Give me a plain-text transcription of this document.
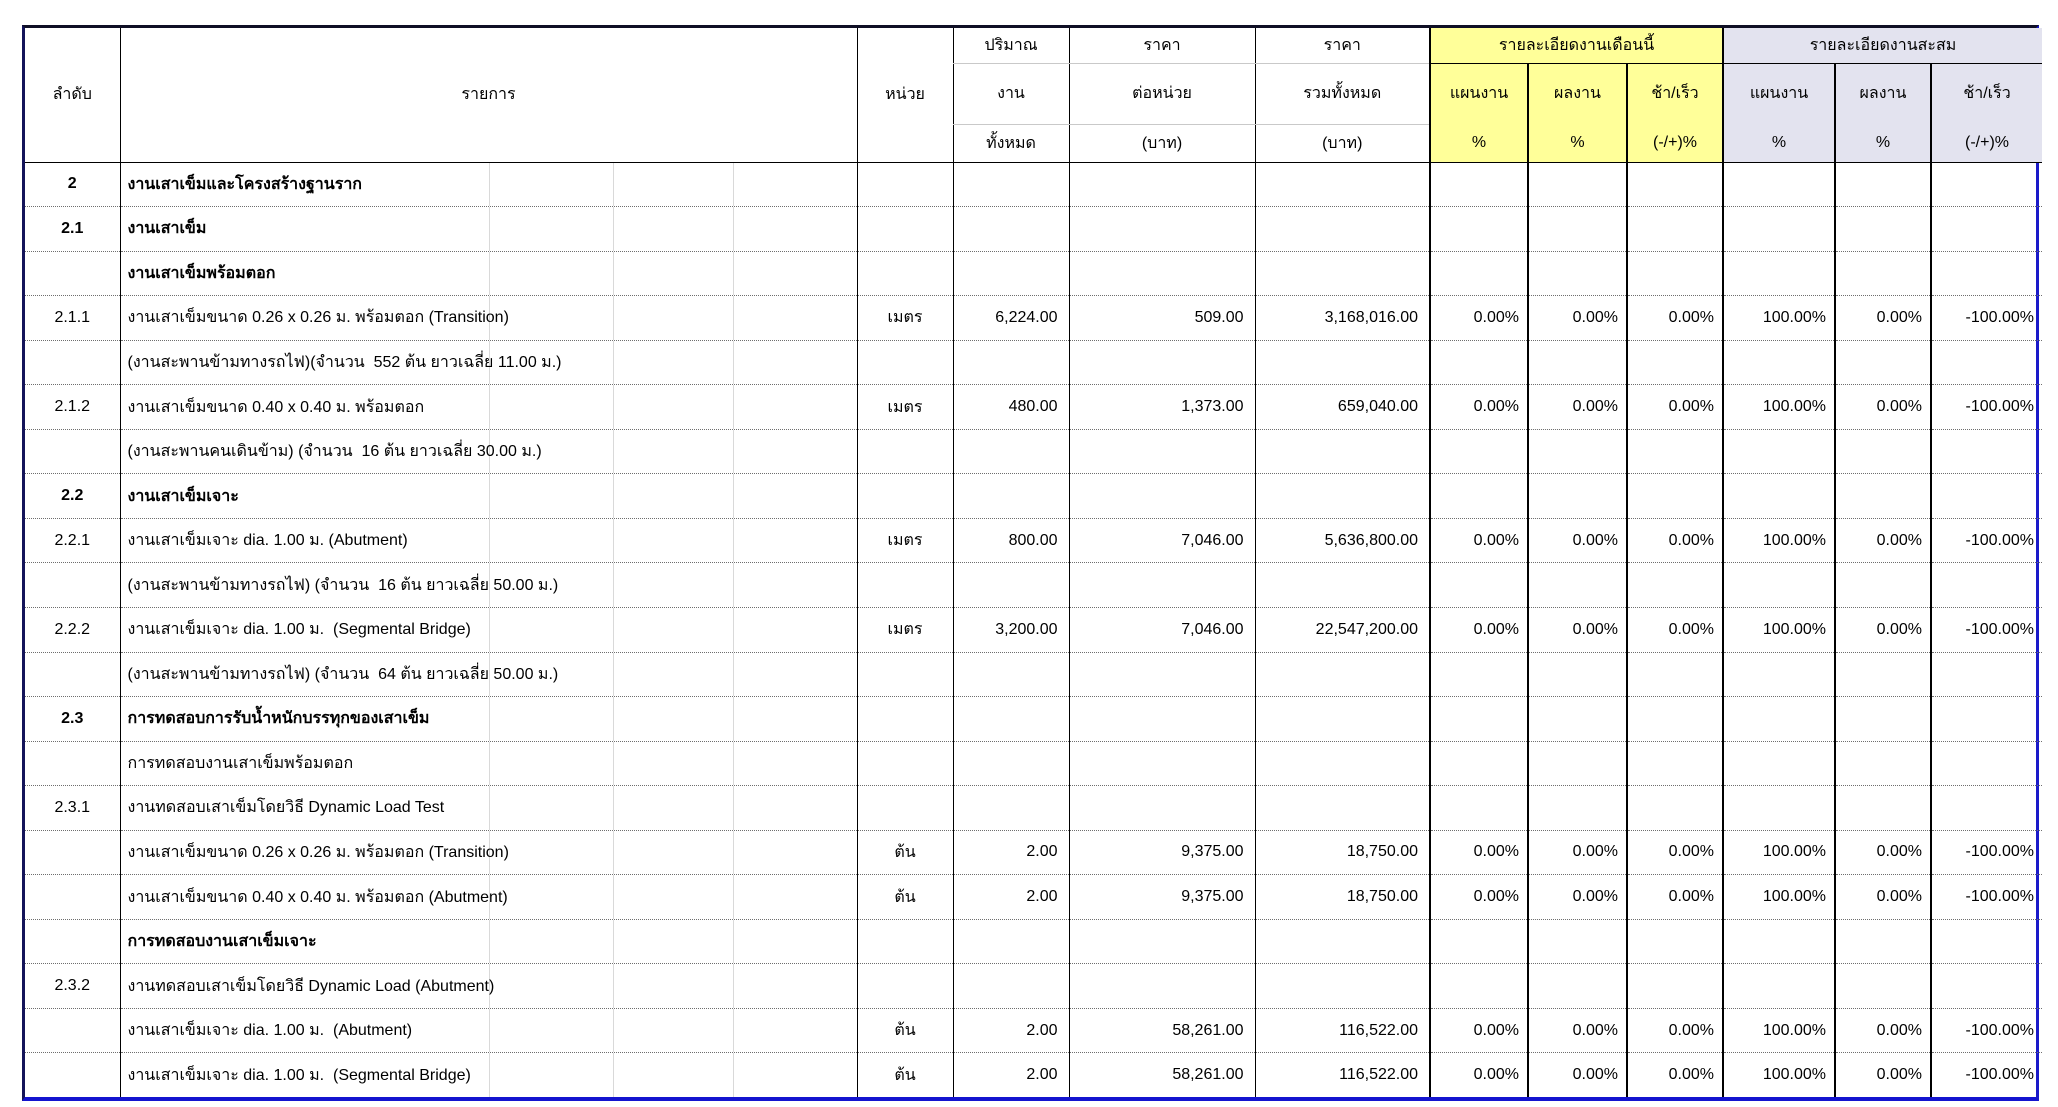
ลำดับ	รายการ	หน่วย	ปริมาณ	ราคา	ราคา	รายละเอียดงานเดือนนี้			รายละเอียดงานสะสม		
			งาน	ต่อหน่วย	รวมทั้งหมด	แผนงาน	ผลงาน	ช้า/เร็ว	แผนงาน	ผลงาน	ช้า/เร็ว
			ทั้งหมด	(บาท)	(บาท)	%	%	(-/+)%	%	%	(-/+)%
2	งานเสาเข็มและโครงสร้างฐานราก										
2.1	งานเสาเข็ม										
	งานเสาเข็มพร้อมตอก										
2.1.1	งานเสาเข็มขนาด 0.26 x 0.26 ม. พร้อมตอก (Transition)	เมตร	6,224.00	509.00	3,168,016.00	0.00%	0.00%	0.00%	100.00%	0.00%	-100.00%
	(งานสะพานข้ามทางรถไฟ)(จำนวน  552 ต้น ยาวเฉลี่ย 11.00 ม.)										
2.1.2	งานเสาเข็มขนาด 0.40 x 0.40 ม. พร้อมตอก	เมตร	480.00	1,373.00	659,040.00	0.00%	0.00%	0.00%	100.00%	0.00%	-100.00%
	(งานสะพานคนเดินข้าม) (จำนวน  16 ต้น ยาวเฉลี่ย 30.00 ม.)										
2.2	งานเสาเข็มเจาะ										
2.2.1	งานเสาเข็มเจาะ dia. 1.00 ม. (Abutment)	เมตร	800.00	7,046.00	5,636,800.00	0.00%	0.00%	0.00%	100.00%	0.00%	-100.00%
	(งานสะพานข้ามทางรถไฟ) (จำนวน  16 ต้น ยาวเฉลี่ย 50.00 ม.)										
2.2.2	งานเสาเข็มเจาะ dia. 1.00 ม.  (Segmental Bridge)	เมตร	3,200.00	7,046.00	22,547,200.00	0.00%	0.00%	0.00%	100.00%	0.00%	-100.00%
	(งานสะพานข้ามทางรถไฟ) (จำนวน  64 ต้น ยาวเฉลี่ย 50.00 ม.)										
2.3	การทดสอบการรับน้ำหนักบรรทุกของเสาเข็ม										
	การทดสอบงานเสาเข็มพร้อมตอก										
2.3.1	งานทดสอบเสาเข็มโดยวิธี Dynamic Load Test										
	งานเสาเข็มขนาด 0.26 x 0.26 ม. พร้อมตอก (Transition)	ต้น	2.00	9,375.00	18,750.00	0.00%	0.00%	0.00%	100.00%	0.00%	-100.00%
	งานเสาเข็มขนาด 0.40 x 0.40 ม. พร้อมตอก (Abutment)	ต้น	2.00	9,375.00	18,750.00	0.00%	0.00%	0.00%	100.00%	0.00%	-100.00%
	การทดสอบงานเสาเข็มเจาะ										
2.3.2	งานทดสอบเสาเข็มโดยวิธี Dynamic Load (Abutment)										
	งานเสาเข็มเจาะ dia. 1.00 ม.  (Abutment)	ต้น	2.00	58,261.00	116,522.00	0.00%	0.00%	0.00%	100.00%	0.00%	-100.00%
	งานเสาเข็มเจาะ dia. 1.00 ม.  (Segmental Bridge)	ต้น	2.00	58,261.00	116,522.00	0.00%	0.00%	0.00%	100.00%	0.00%	-100.00%
